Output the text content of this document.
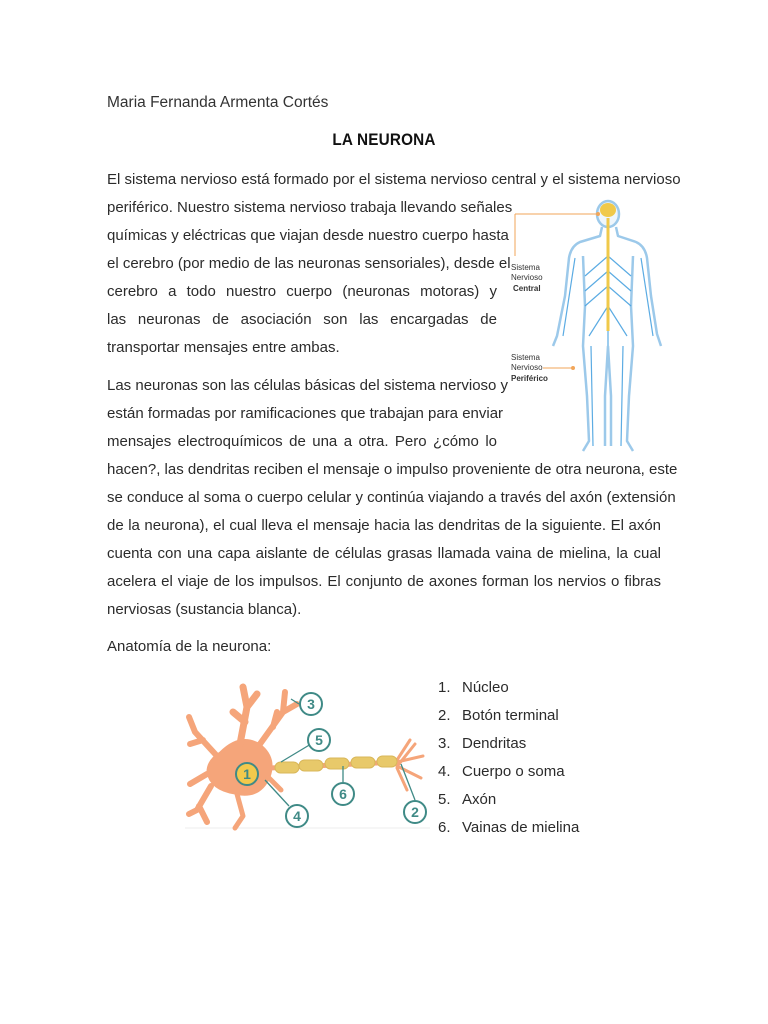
Maria Fernanda Armenta Cortés
LA NEURONA

El sistema nervioso está formado por el sistema nervioso central y el sistema nervioso

periférico. Nuestro sistema nervioso trabaja llevando señales
químicas y eléctricas que viajan desde nuestro cuerpo hasta
el cerebro (por medio de las neuronas sensoriales), desde el
cerebro a todo nuestro cuerpo (neuronas motoras) y
las neuronas de asociación son las encargadas de
transportar mensajes entre ambas.

Las neuronas son las células básicas del sistema nervioso y
están formadas por ramificaciones que trabajan para enviar
mensajes electroquímicos de una a otra. Pero ¿cómo lo

hacen?, las dendritas reciben el mensaje o impulso proveniente de otra neurona, este
se conduce al soma o cuerpo celular y continúa viajando a través del axón (extensión
de la neurona), el cual lleva el mensaje hacia las dendritas de la siguiente. El axón
cuenta con una capa aislante de células grasas llamada vaina de mielina, la cual
acelera el viaje de los impulsos. El conjunto de axones forman los nervios o fibras
nerviosas (sustancia blanca).

Sistema Nervioso Central
Sistema Nervioso Periférico
Anatomía de la neurona:
1
2
3
4
5
6
1. Núcleo
2. Botón terminal
3. Dendritas
4. Cuerpo o soma
5. Axón
6. Vainas de mielina
